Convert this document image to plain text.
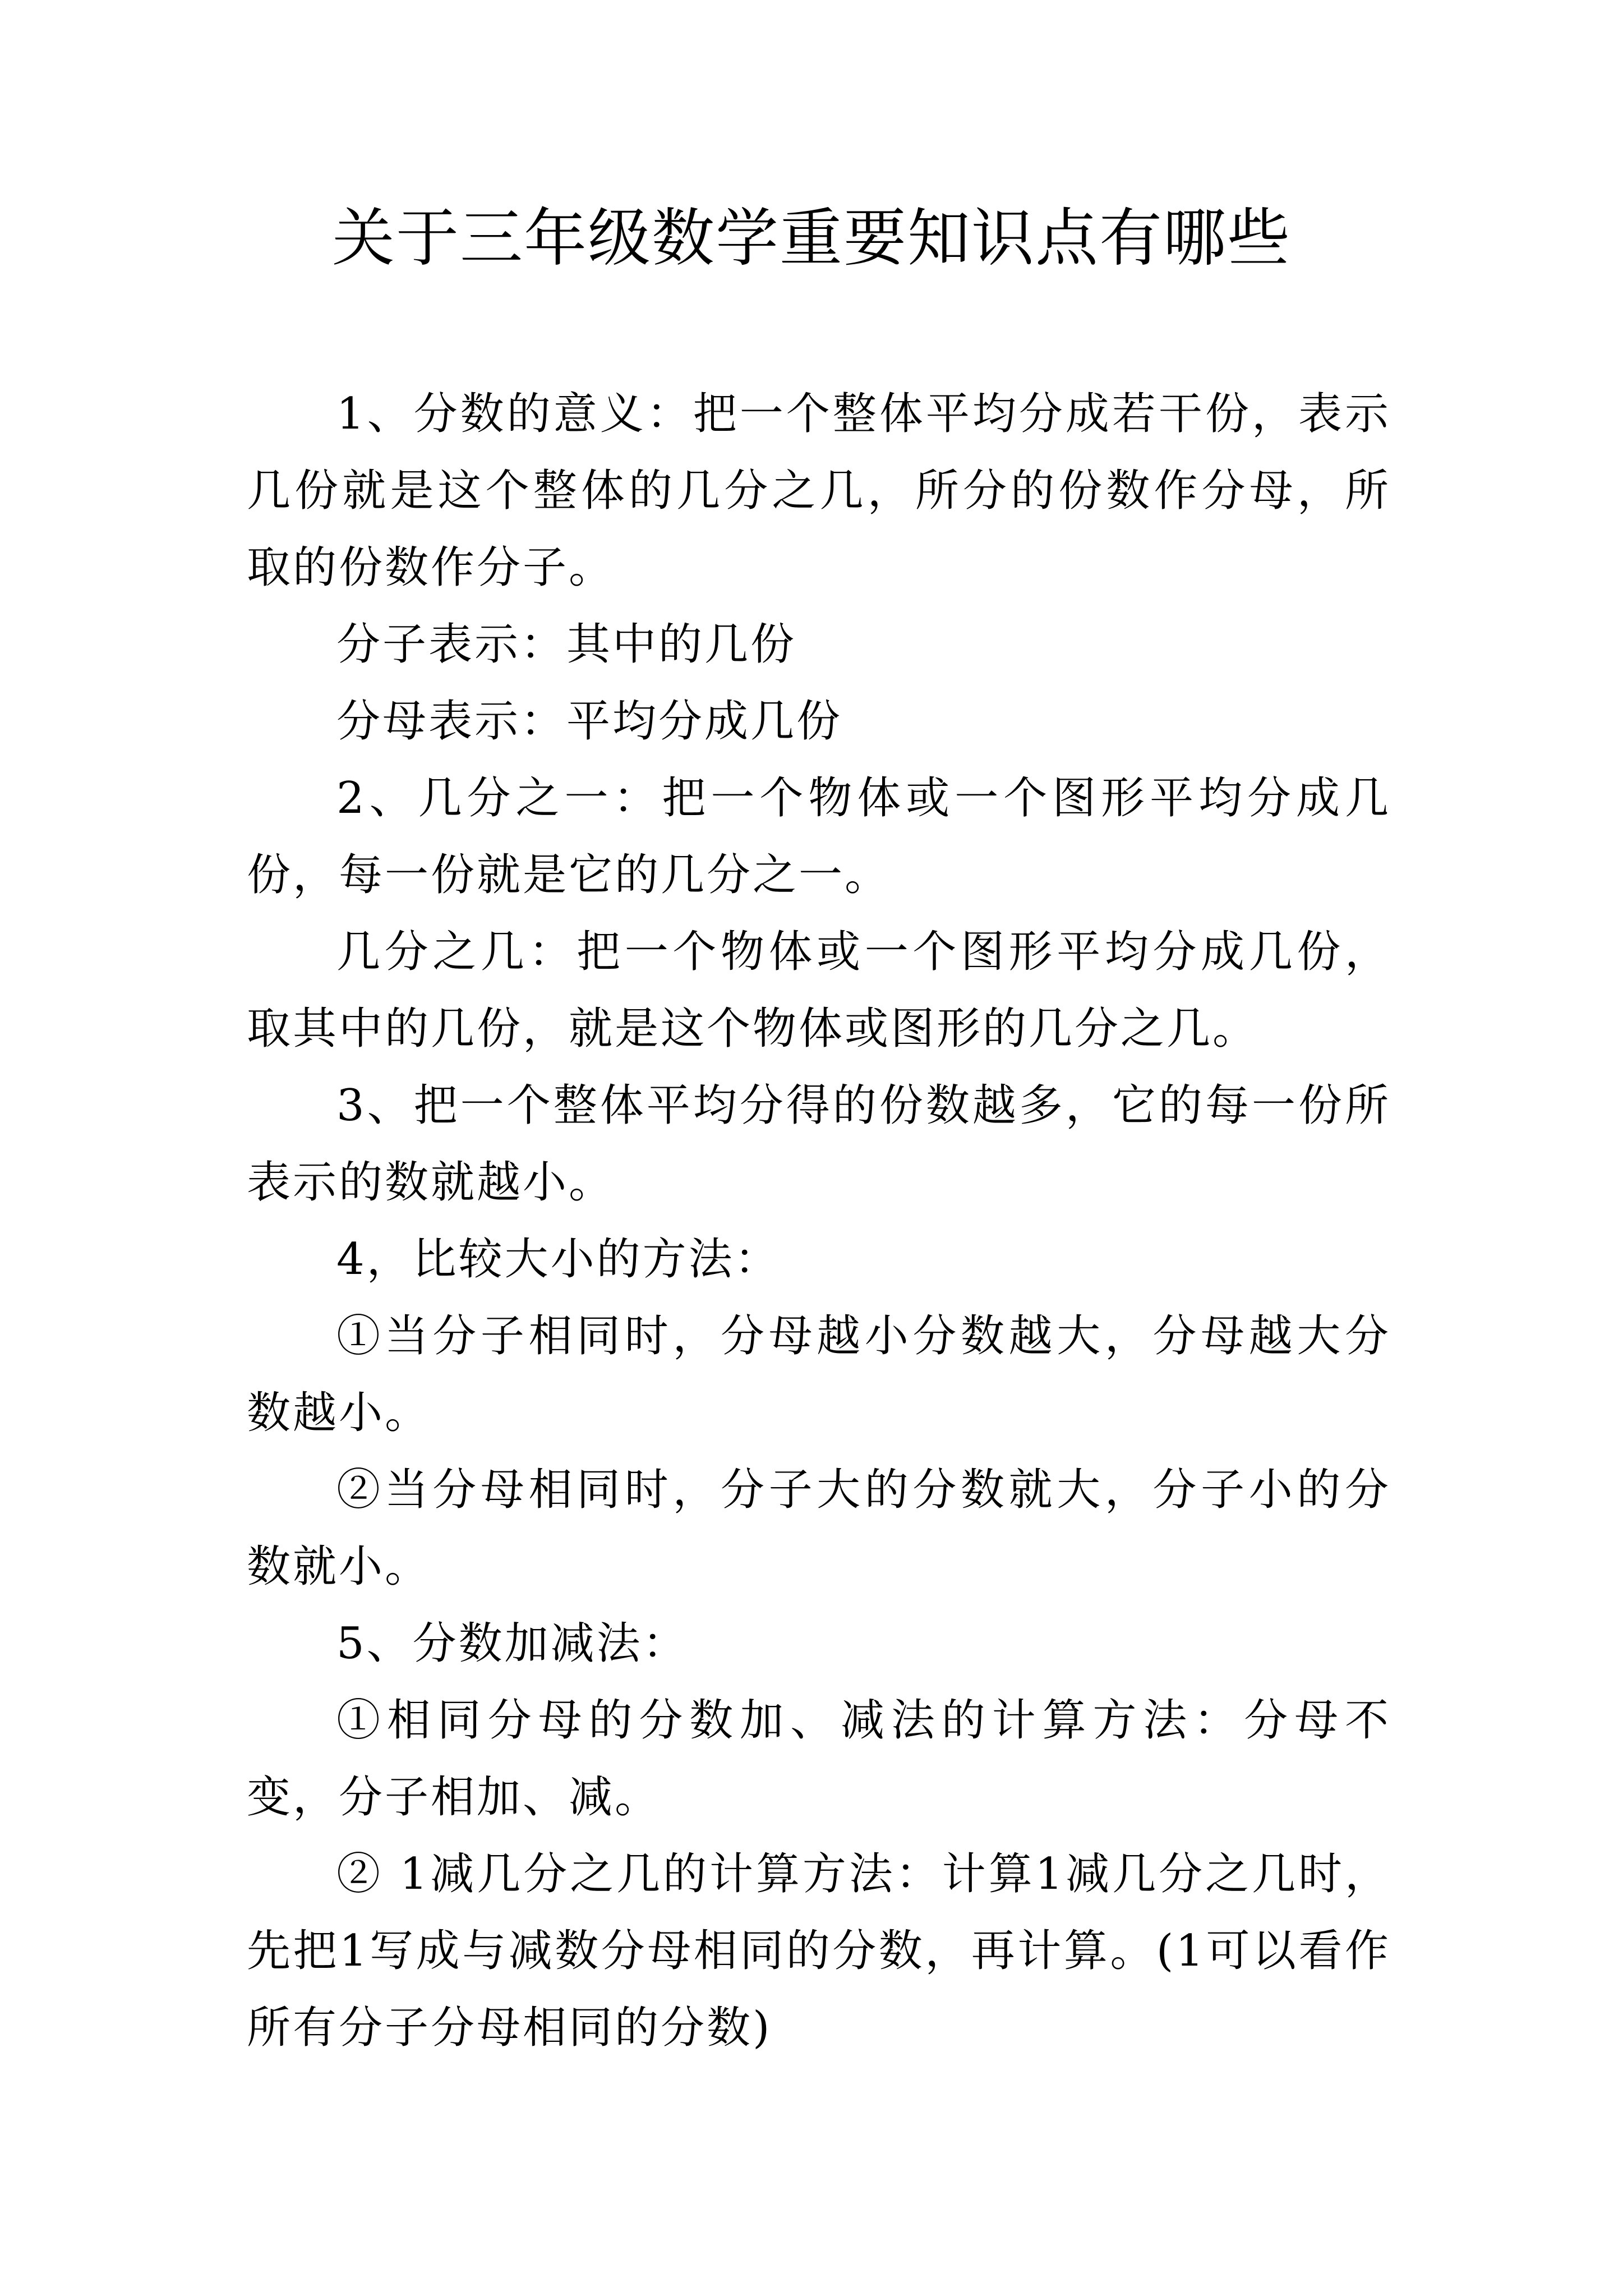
关于三年级数学重要知识点有哪些

1、分数的意义：把一个整体平均分成若干份，表示几份就是这个整体的几分之几，所分的份数作分母，所取的份数作分子。

分子表示：其中的几份

分母表示：平均分成几份

2、几分之一：把一个物体或一个图形平均分成几份，每一份就是它的几分之一。

几分之几：把一个物体或一个图形平均分成几份，取其中的几份，就是这个物体或图形的几分之几。

3、把一个整体平均分得的份数越多，它的每一份所表示的数就越小。

4，比较大小的方法：

①当分子相同时，分母越小分数越大，分母越大分数越小。

②当分母相同时，分子大的分数就大，分子小的分数就小。

5、分数加减法：

①相同分母的分数加、减法的计算方法：分母不变，分子相加、减。

② 1减几分之几的计算方法：计算1减几分之几时，先把1写成与减数分母相同的分数，再计算。(1可以看作所有分子分母相同的分数)
